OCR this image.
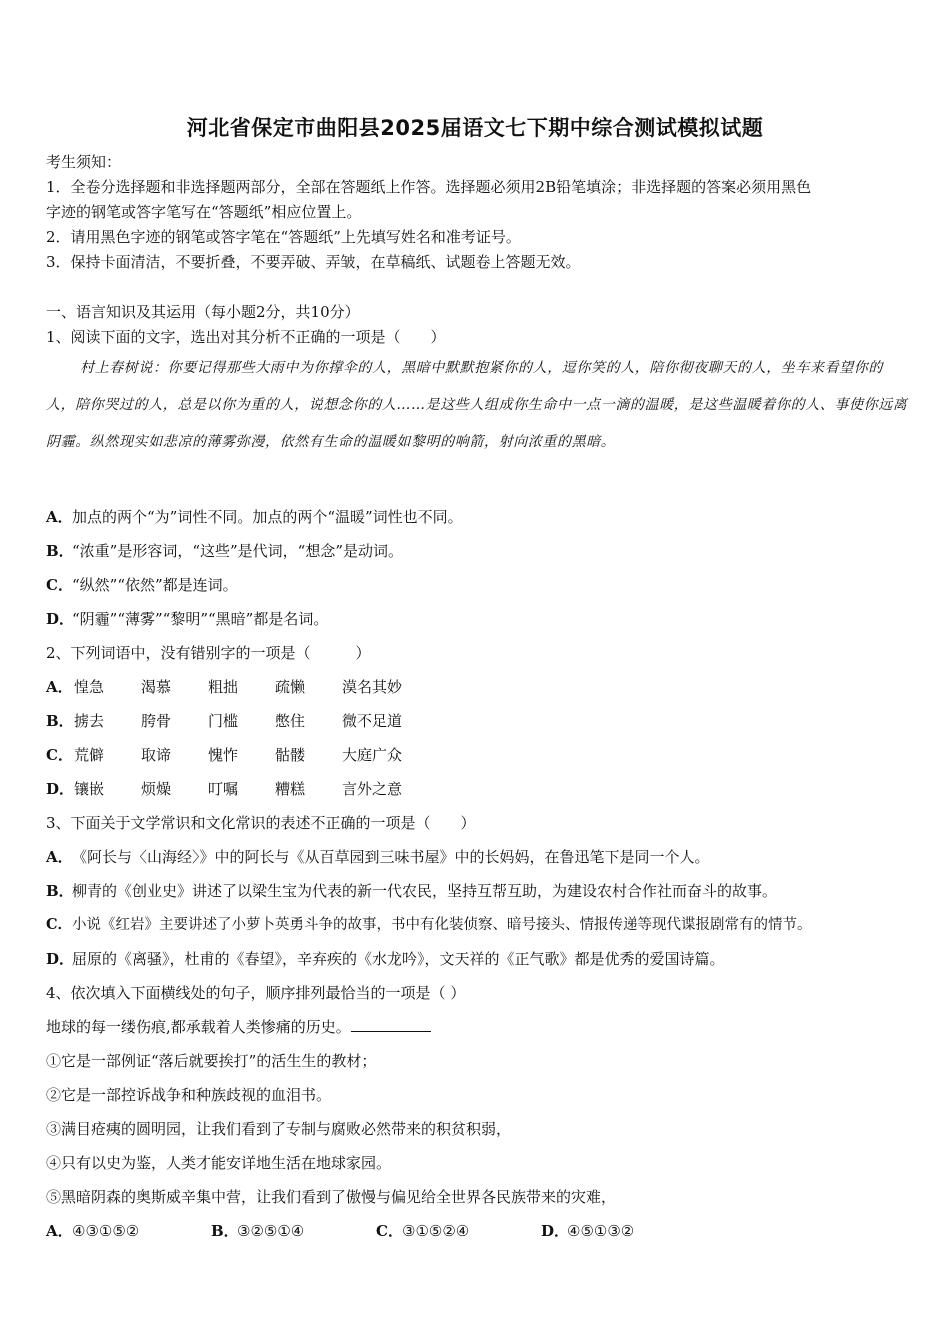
河北省保定市曲阳县2025届语文七下期中综合测试模拟试题
考生须知：
1．全卷分选择题和非选择题两部分，全部在答题纸上作答。选择题必须用2B铅笔填涂；非选择题的答案必须用黑色
字迹的钢笔或答字笔写在“答题纸”相应位置上。
2．请用黑色字迹的钢笔或答字笔在“答题纸”上先填写姓名和准考证号。
3．保持卡面清洁，不要折叠，不要弄破、弄皱，在草稿纸、试题卷上答题无效。
一、语言知识及其运用（每小题2分，共10分）
1、阅读下面的文字，选出对其分析不正确的一项是（　　）
村上春树说：你要记得那些大雨中为你撑伞的人，黑暗中默默抱紧你的人，逗你笑的人，陪你彻夜聊天的人，坐车来看望你的人，陪你哭过的人，总是以你为重的人，说想念你的人……是这些人组成你生命中一点一滴的温暖，是这些温暖着你的人、事使你远离阴霾。纵然现实如悲凉的薄雾弥漫，依然有生命的温暖如黎明的响箭，射向浓重的黑暗。
A．加点的两个“为”词性不同。加点的两个“温暖”词性也不同。
B．“浓重”是形容词，“这些”是代词，“想念”是动词。
C．“纵然”“依然”都是连词。
D．“阴霾”“薄雾”“黎明”“黑暗”都是名词。
2、下列词语中，没有错别字的一项是（　　　）
A． 惶急 渴慕 粗拙 疏懒 漠名其妙
B． 掳去 胯骨 门槛 憋住 微不足道
C． 荒僻 取谛 愧怍 骷髅 大庭广众
D． 镶嵌 烦燥 叮嘱 糟糕 言外之意
3、下面关于文学常识和文化常识的表述不正确的一项是（　　）
A．《阿长与〈山海经〉》中的阿长与《从百草园到三味书屋》中的长妈妈，在鲁迅笔下是同一个人。
B．柳青的《创业史》讲述了以梁生宝为代表的新一代农民，坚持互帮互助，为建设农村合作社而奋斗的故事。
C．小说《红岩》主要讲述了小萝卜英勇斗争的故事，书中有化装侦察、暗号接头、情报传递等现代谍报剧常有的情节。
D．屈原的《离骚》，杜甫的《春望》，辛弃疾的《水龙吟》，文天祥的《正气歌》都是优秀的爱国诗篇。
4、依次填入下面横线处的句子，顺序排列最恰当的一项是（ ）
地球的每一缕伤痕,都承载着人类惨痛的历史。
①它是一部例证“落后就要挨打”的活生生的教材；
②它是一部控诉战争和种族歧视的血泪书。
③满目疮痍的圆明园，让我们看到了专制与腐败必然带来的积贫积弱，
④只有以史为鉴，人类才能安详地生活在地球家园。
⑤黑暗阴森的奥斯威辛集中营，让我们看到了傲慢与偏见给全世界各民族带来的灾难，
A．④③①⑤②	B．③②⑤①④	C．③①⑤②④	D．④⑤①③②
